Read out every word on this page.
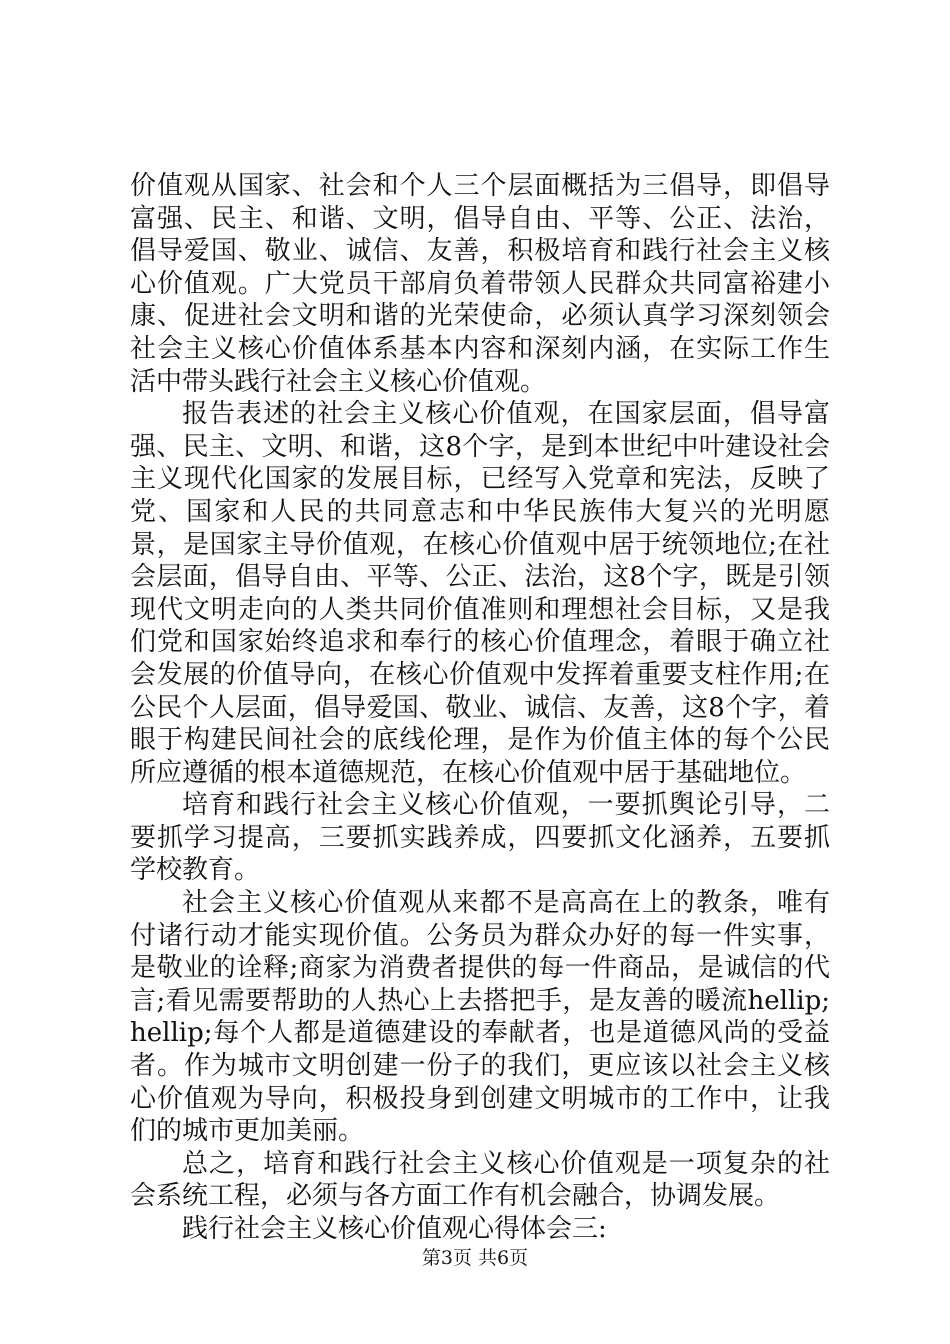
价值观从国家、社会和个人三个层面概括为三倡导，即倡导富强、民主、和谐、文明，倡导自由、平等、公正、法治，倡导爱国、敬业、诚信、友善，积极培育和践行社会主义核心价值观。广大党员干部肩负着带领人民群众共同富裕建小康、促进社会文明和谐的光荣使命，必须认真学习深刻领会社会主义核心价值体系基本内容和深刻内涵，在实际工作生活中带头践行社会主义核心价值观。

报告表述的社会主义核心价值观，在国家层面，倡导富强、民主、文明、和谐，这8个字，是到本世纪中叶建设社会主义现代化国家的发展目标，已经写入党章和宪法，反映了党、国家和人民的共同意志和中华民族伟大复兴的光明愿景，是国家主导价值观，在核心价值观中居于统领地位;在社会层面，倡导自由、平等、公正、法治，这8个字，既是引领现代文明走向的人类共同价值准则和理想社会目标，又是我们党和国家始终追求和奉行的核心价值理念，着眼于确立社会发展的价值导向，在核心价值观中发挥着重要支柱作用;在公民个人层面，倡导爱国、敬业、诚信、友善，这8个字，着眼于构建民间社会的底线伦理，是作为价值主体的每个公民所应遵循的根本道德规范，在核心价值观中居于基础地位。

培育和践行社会主义核心价值观，一要抓舆论引导，二要抓学习提高，三要抓实践养成，四要抓文化涵养，五要抓学校教育。

社会主义核心价值观从来都不是高高在上的教条，唯有付诸行动才能实现价值。公务员为群众办好的每一件实事，是敬业的诠释;商家为消费者提供的每一件商品，是诚信的代言;看见需要帮助的人热心上去搭把手，是友善的暖流hellip;hellip;每个人都是道德建设的奉献者，也是道德风尚的受益者。作为城市文明创建一份子的我们，更应该以社会主义核心价值观为导向，积极投身到创建文明城市的工作中，让我们的城市更加美丽。

总之，培育和践行社会主义核心价值观是一项复杂的社会系统工程，必须与各方面工作有机会融合，协调发展。

践行社会主义核心价值观心得体会三:

第3页 共6页
